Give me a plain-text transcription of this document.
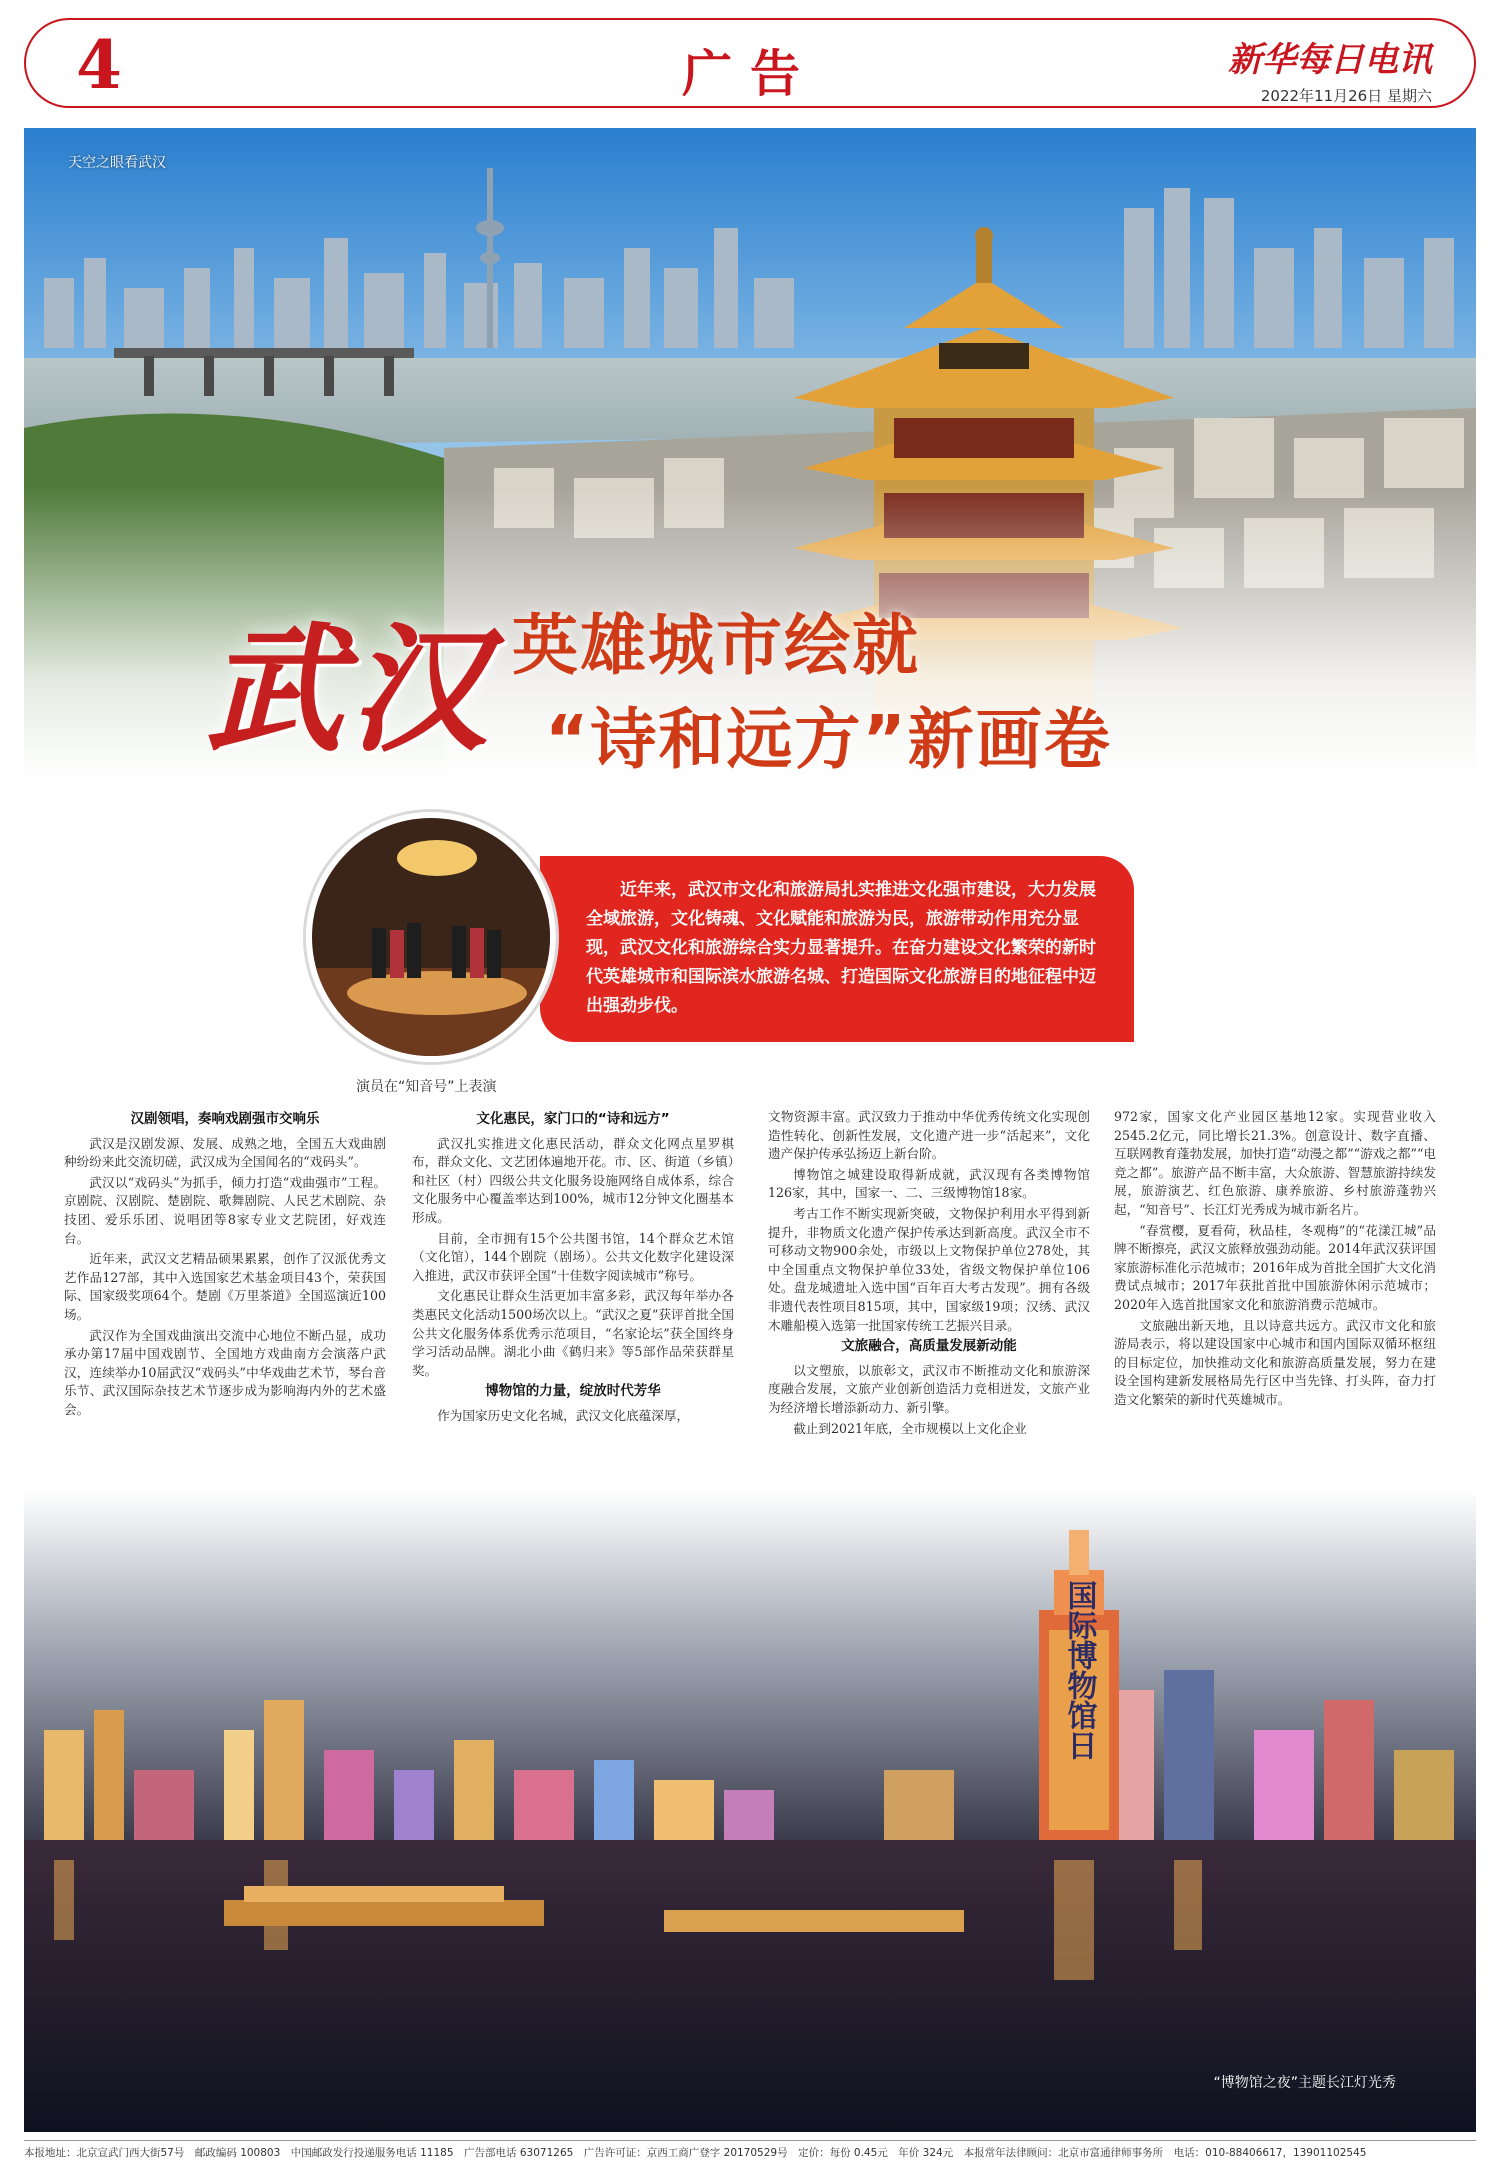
4	广告	新华每日电讯
2022年11月26日 星期六
天空之眼看武汉
武汉 英雄城市绘就
“诗和远方”新画卷
演员在“知音号”上表演

近年来，武汉市文化和旅游局扎实推进文化强市建设，大力发展全域旅游，文化铸魂、文化赋能和旅游为民，旅游带动作用充分显现，武汉文化和旅游综合实力显著提升。在奋力建设文化繁荣的新时代英雄城市和国际滨水旅游名城、打造国际文化旅游目的地征程中迈出强劲步伐。

汉剧领唱，奏响戏剧强市交响乐

武汉是汉剧发源、发展、成熟之地，全国五大戏曲剧种纷纷来此交流切磋，武汉成为全国闻名的“戏码头”。

武汉以“戏码头”为抓手，倾力打造“戏曲强市”工程。京剧院、汉剧院、楚剧院、歌舞剧院、人民艺术剧院、杂技团、爱乐乐团、说唱团等8家专业文艺院团，好戏连台。

近年来，武汉文艺精品硕果累累，创作了汉派优秀文艺作品127部，其中入选国家艺术基金项目43个，荣获国际、国家级奖项64个。楚剧《万里茶道》全国巡演近100场。

武汉作为全国戏曲演出交流中心地位不断凸显，成功承办第17届中国戏剧节、全国地方戏曲南方会演落户武汉，连续举办10届武汉“戏码头”中华戏曲艺术节，琴台音乐节、武汉国际杂技艺术节逐步成为影响海内外的艺术盛会。

文化惠民，家门口的“诗和远方”

武汉扎实推进文化惠民活动，群众文化网点星罗棋布，群众文化、文艺团体遍地开花。市、区、街道（乡镇）和社区（村）四级公共文化服务设施网络自成体系，综合文化服务中心覆盖率达到100%，城市12分钟文化圈基本形成。

目前，全市拥有15个公共图书馆，14个群众艺术馆（文化馆），144个剧院（剧场）。公共文化数字化建设深入推进，武汉市获评全国“十佳数字阅读城市”称号。

文化惠民让群众生活更加丰富多彩，武汉每年举办各类惠民文化活动1500场次以上。“武汉之夏”获评首批全国公共文化服务体系优秀示范项目，“名家论坛”获全国终身学习活动品牌。湖北小曲《鹤归来》等5部作品荣获群星奖。

博物馆的力量，绽放时代芳华

作为国家历史文化名城，武汉文化底蕴深厚，

文物资源丰富。武汉致力于推动中华优秀传统文化实现创造性转化、创新性发展，文化遗产进一步“活起来”，文化遗产保护传承弘扬迈上新台阶。

博物馆之城建设取得新成就，武汉现有各类博物馆126家，其中，国家一、二、三级博物馆18家。

考古工作不断实现新突破，文物保护利用水平得到新提升，非物质文化遗产保护传承达到新高度。武汉全市不可移动文物900余处，市级以上文物保护单位278处，其中全国重点文物保护单位33处，省级文物保护单位106处。盘龙城遗址入选中国“百年百大考古发现”。拥有各级非遗代表性项目815项，其中，国家级19项；汉绣、武汉木雕船模入选第一批国家传统工艺振兴目录。

文旅融合，高质量发展新动能

以文塑旅，以旅彰文，武汉市不断推动文化和旅游深度融合发展，文旅产业创新创造活力竞相迸发，文旅产业为经济增长增添新动力、新引擎。

截止到2021年底，全市规模以上文化企业

972家，国家文化产业园区基地12家。实现营业收入2545.2亿元，同比增长21.3%。创意设计、数字直播、互联网教育蓬勃发展，加快打造“动漫之都”“游戏之都”“电竞之都”。旅游产品不断丰富，大众旅游、智慧旅游持续发展，旅游演艺、红色旅游、康养旅游、乡村旅游蓬勃兴起，“知音号”、长江灯光秀成为城市新名片。

“春赏樱，夏看荷，秋品桂，冬观梅”的“花漾江城”品牌不断擦亮，武汉文旅释放强劲动能。2014年武汉获评国家旅游标准化示范城市；2016年成为首批全国扩大文化消费试点城市；2017年获批首批中国旅游休闲示范城市；2020年入选首批国家文化和旅游消费示范城市。

文旅融出新天地，且以诗意共远方。武汉市文化和旅游局表示，将以建设国家中心城市和国内国际双循环枢纽的目标定位，加快推动文化和旅游高质量发展，努力在建设全国构建新发展格局先行区中当先锋、打头阵，奋力打造文化繁荣的新时代英雄城市。

国际博物馆日
“博物馆之夜”主题长江灯光秀
本报地址：北京宣武门西大街57号　邮政编码 100803　中国邮政发行投递服务电话 11185　广告部电话 63071265　广告许可证：京西工商广登字 20170529号　定价：每份 0.45元　年价 324元　本报常年法律顾问：北京市富通律师事务所　电话：010-88406617，13901102545
